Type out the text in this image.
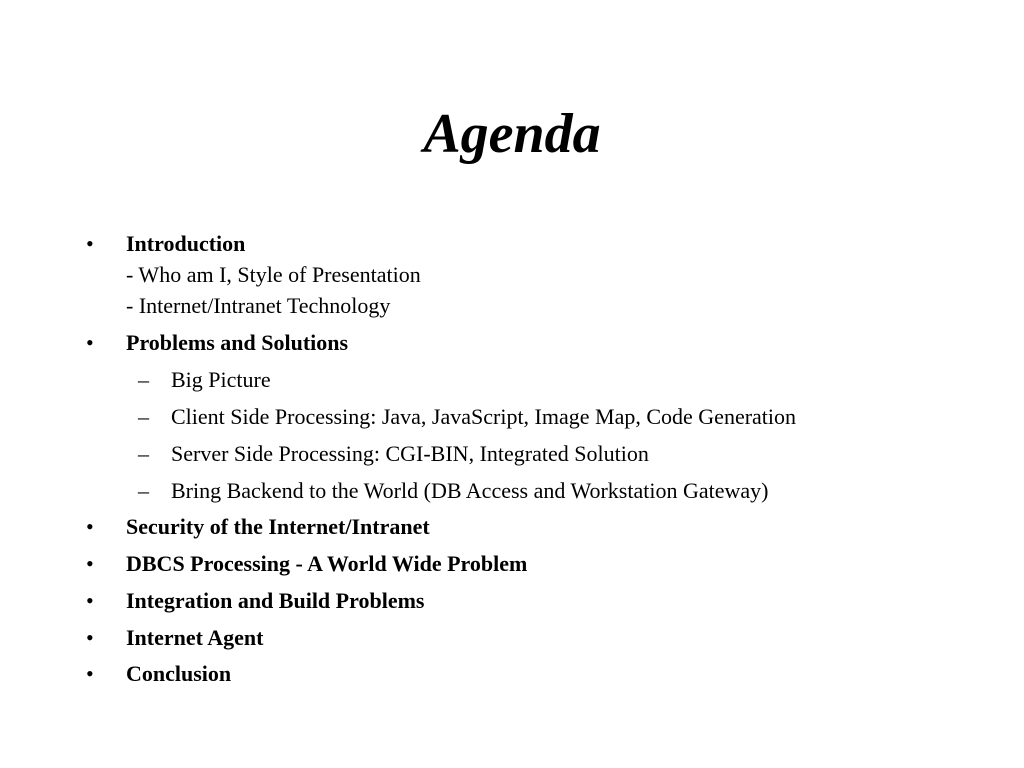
Agenda
• Introduction
- Who am I, Style of Presentation
- Internet/Intranet Technology
• Problems and Solutions
– Big Picture
– Client Side Processing: Java, JavaScript, Image Map, Code Generation
– Server Side Processing: CGI-BIN, Integrated Solution
– Bring Backend to the World (DB Access and Workstation Gateway)
• Security of the Internet/Intranet
• DBCS Processing - A World Wide Problem
• Integration and Build Problems
• Internet Agent
• Conclusion
